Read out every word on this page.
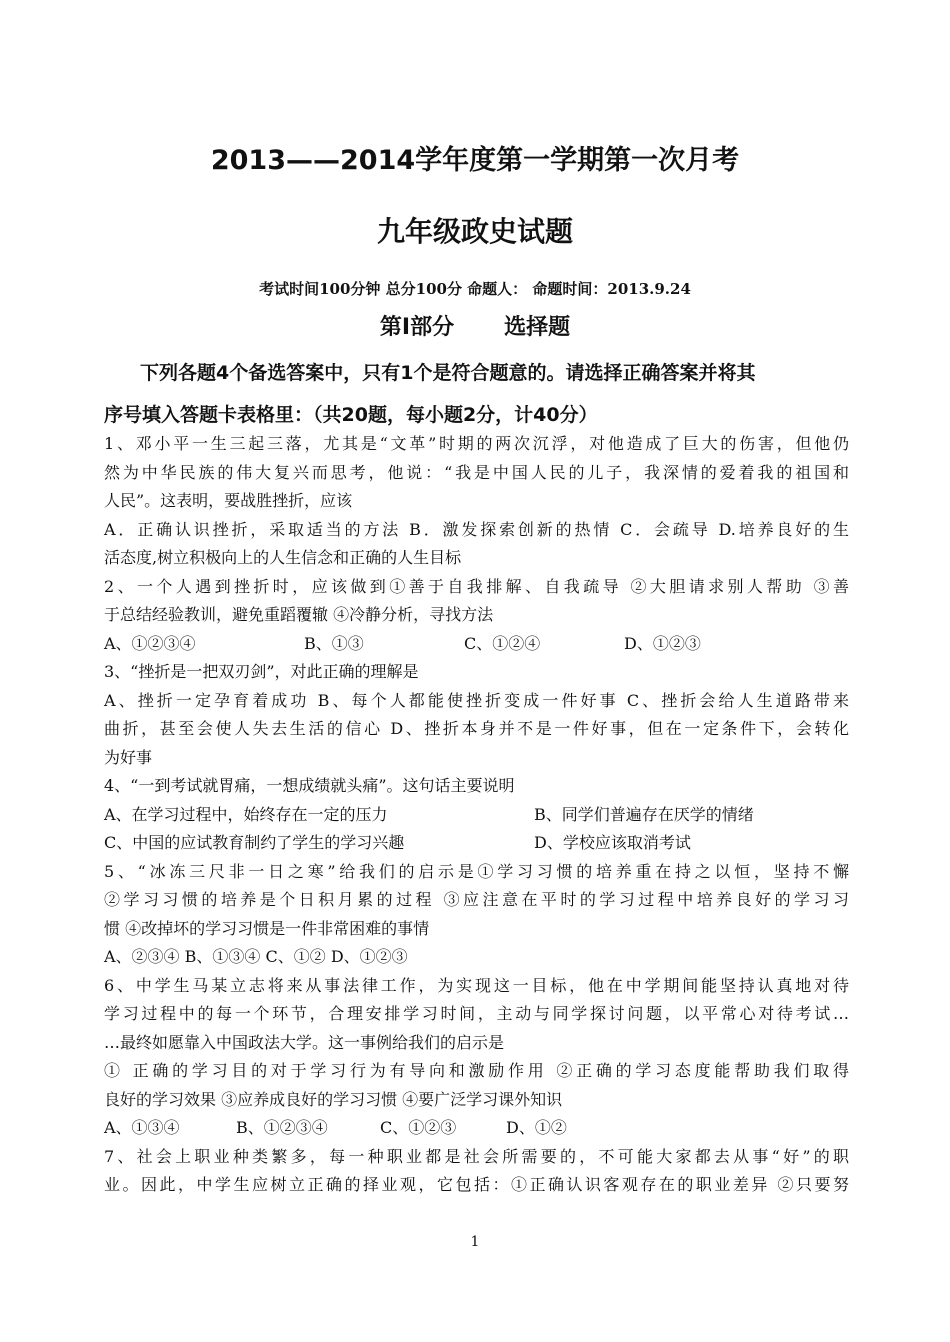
2013——2014学年度第一学期第一次月考
九年级政史试题
考试时间100分钟 总分100分 命题人： 命题时间：2013.9.24
第Ⅰ部分 选择题
下列各题4个备选答案中，只有1个是符合题意的。请选择正确答案并将其
序号填入答题卡表格里：（共20题，每小题2分，计40分）
1、邓小平一生三起三落，尤其是“文革”时期的两次沉浮，对他造成了巨大的伤害，但他仍
然为中华民族的伟大复兴而思考，他说：“我是中国人民的儿子，我深情的爱着我的祖国和
人民”。这表明，要战胜挫折，应该
A．正确认识挫折，采取适当的方法 B．激发探索创新的热情 C．会疏导 D.培养良好的生
活态度,树立积极向上的人生信念和正确的人生目标
2、一个人遇到挫折时，应该做到①善于自我排解、自我疏导 ②大胆请求别人帮助 ③善
于总结经验教训，避免重蹈覆辙 ④冷静分析，寻找方法
A、①②③④	B、①③	C、①②④	D、①②③
3、“挫折是一把双刃剑”，对此正确的理解是
A、挫折一定孕育着成功 B、每个人都能使挫折变成一件好事 C、挫折会给人生道路带来
曲折，甚至会使人失去生活的信心 D、挫折本身并不是一件好事，但在一定条件下，会转化
为好事
4、“一到考试就胃痛，一想成绩就头痛”。这句话主要说明
A、在学习过程中，始终存在一定的压力	B、同学们普遍存在厌学的情绪
C、中国的应试教育制约了学生的学习兴趣	D、学校应该取消考试
5、“冰冻三尺非一日之寒”给我们的启示是①学习习惯的培养重在持之以恒，坚持不懈
②学习习惯的培养是个日积月累的过程 ③应注意在平时的学习过程中培养良好的学习习
惯 ④改掉坏的学习习惯是一件非常困难的事情
A、②③④ B、①③④ C、①② D、①②③
6、中学生马某立志将来从事法律工作，为实现这一目标，他在中学期间能坚持认真地对待
学习过程中的每一个环节，合理安排学习时间，主动与同学探讨问题，以平常心对待考试…
…最终如愿靠入中国政法大学。这一事例给我们的启示是
① 正确的学习目的对于学习行为有导向和激励作用 ②正确的学习态度能帮助我们取得
良好的学习效果 ③应养成良好的学习习惯 ④要广泛学习课外知识
A、①③④	B、①②③④	C、①②③	D、①②
7、社会上职业种类繁多，每一种职业都是社会所需要的，不可能大家都去从事“好”的职
业。因此，中学生应树立正确的择业观，它包括：①正确认识客观存在的职业差异 ②只要努
1
